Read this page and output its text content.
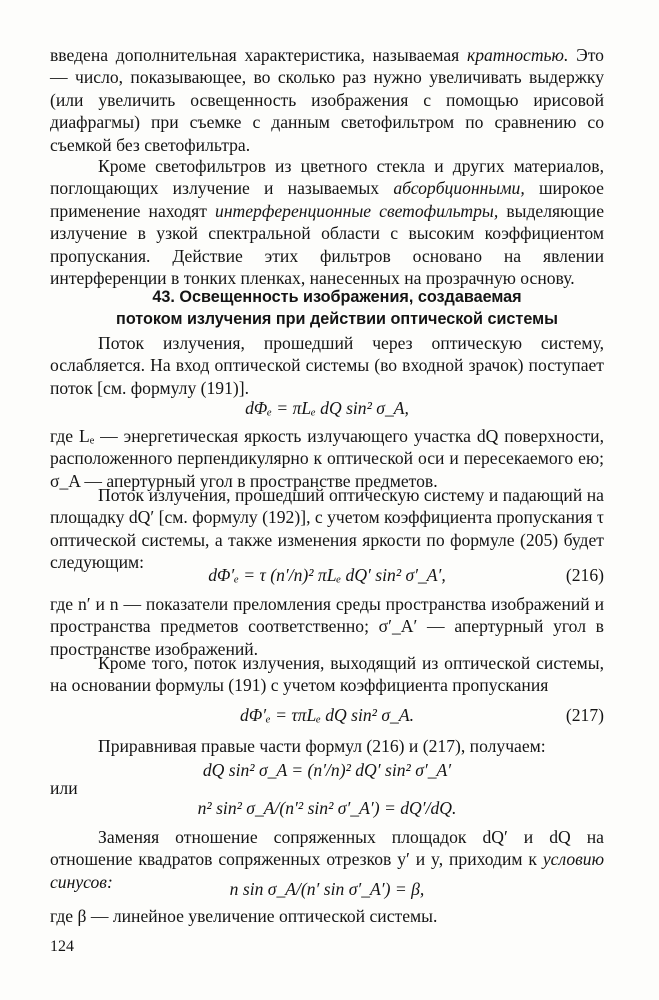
введена дополнительная характеристика, называемая кратностью. Это — число, показывающее, во сколько раз нужно увеличивать выдержку (или увеличить освещенность изображения с помощью ирисовой диафрагмы) при съемке с данным светофильтром по сравнению со съемкой без светофильтра.

Кроме светофильтров из цветного стекла и других материалов, поглощающих излучение и называемых абсорбционными, широкое применение находят интерференционные светофильтры, выделяющие излучение в узкой спектральной области с высоким коэффициентом пропускания. Действие этих фильтров основано на явлении интерференции в тонких пленках, нанесенных на прозрачную основу.

43. Освещенность изображения, создаваемая
потоком излучения при действии оптической системы

Поток излучения, прошедший через оптическую систему, ослабляется. На вход оптической системы (во входной зрачок) поступает поток [см. формулу (191)].

dΦₑ = πLₑ dQ sin² σ_A,

где Lₑ — энергетическая яркость излучающего участка dQ поверхности, расположенного перпендикулярно к оптической оси и пересекаемого ею; σ_A — апертурный угол в пространстве предметов.

Поток излучения, прошедший оптическую систему и падающий на площадку dQ′ [см. формулу (192)], с учетом коэффициента пропускания τ оптической системы, а также изменения яркости по формуле (205) будет следующим:

dΦ′ₑ = τ (n′/n)² πLₑ dQ′ sin² σ′_A′,	(216)

где n′ и n — показатели преломления среды пространства изображений и пространства предметов соответственно; σ′_A′ — апертурный угол в пространстве изображений.

Кроме того, поток излучения, выходящий из оптической системы, на основании формулы (191) с учетом коэффициента пропускания

dΦ′ₑ = τπLₑ dQ sin² σ_A.	(217)

Приравнивая правые части формул (216) и (217), получаем:

dQ sin² σ_A = (n′/n)² dQ′ sin² σ′_A′

или

n² sin² σ_A/(n′² sin² σ′_A′) = dQ′/dQ.

Заменяя отношение сопряженных площадок dQ′ и dQ на отношение квадратов сопряженных отрезков y′ и y, приходим к условию синусов:	n sin σ_A/(n′ sin σ′_A′) = β,

где β — линейное увеличение оптической системы.

124
